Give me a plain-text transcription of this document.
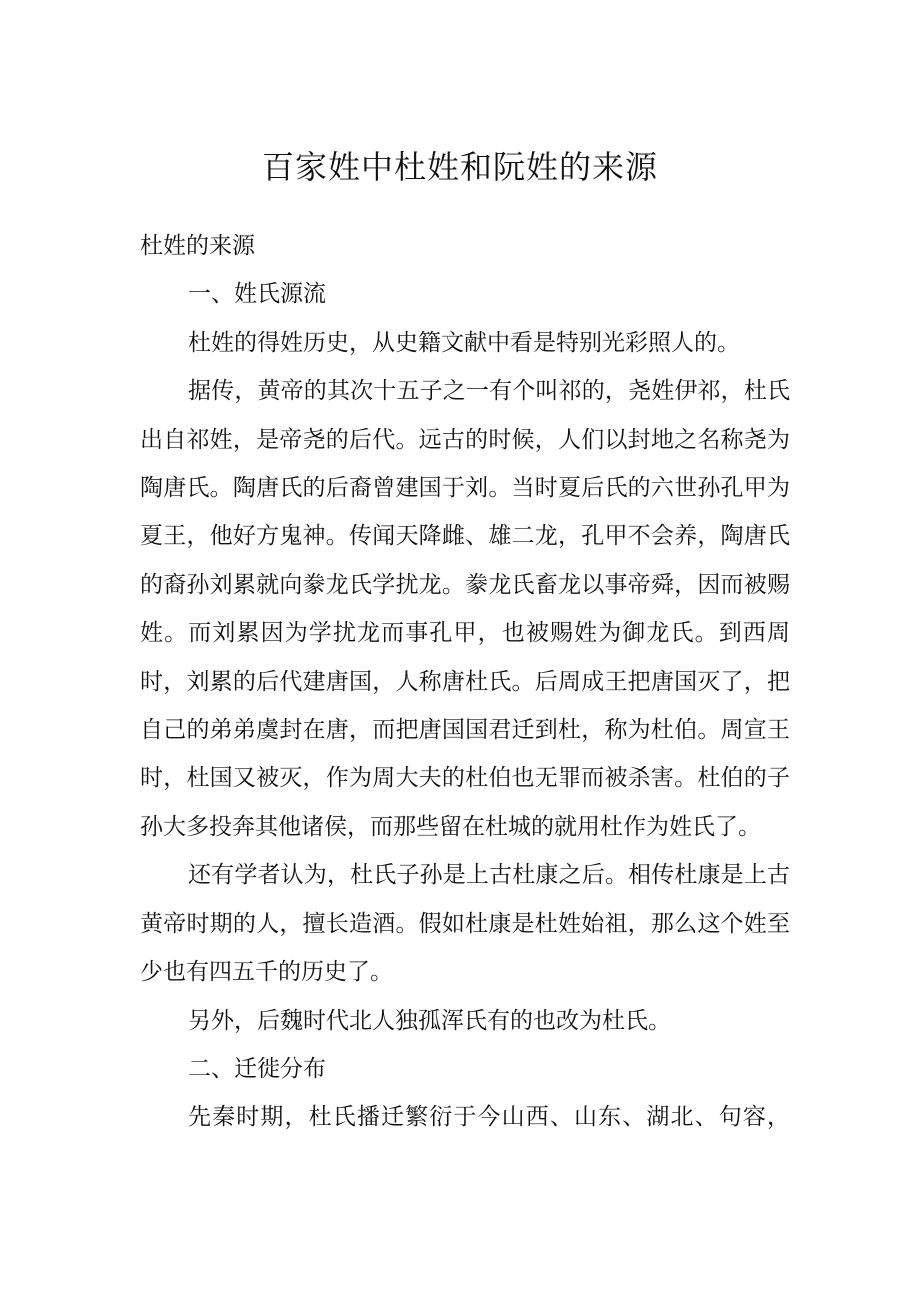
百家姓中杜姓和阮姓的来源

杜姓的来源

一、姓氏源流

杜姓的得姓历史，从史籍文献中看是特别光彩照人的。

据传，黄帝的其次十五子之一有个叫祁的，尧姓伊祁，杜氏出自祁姓，是帝尧的后代。远古的时候，人们以封地之名称尧为陶唐氏。陶唐氏的后裔曾建国于刘。当时夏后氏的六世孙孔甲为夏王，他好方鬼神。传闻天降雌、雄二龙，孔甲不会养，陶唐氏的裔孙刘累就向豢龙氏学扰龙。豢龙氏畜龙以事帝舜，因而被赐姓。而刘累因为学扰龙而事孔甲，也被赐姓为御龙氏。到西周时，刘累的后代建唐国，人称唐杜氏。后周成王把唐国灭了，把自己的弟弟虞封在唐，而把唐国国君迁到杜，称为杜伯。周宣王时，杜国又被灭，作为周大夫的杜伯也无罪而被杀害。杜伯的子孙大多投奔其他诸侯，而那些留在杜城的就用杜作为姓氏了。

还有学者认为，杜氏子孙是上古杜康之后。相传杜康是上古黄帝时期的人，擅长造酒。假如杜康是杜姓始祖，那么这个姓至少也有四五千的历史了。

另外，后魏时代北人独孤浑氏有的也改为杜氏。

二、迁徙分布

先秦时期，杜氏播迁繁衍于今山西、山东、湖北、句容，
